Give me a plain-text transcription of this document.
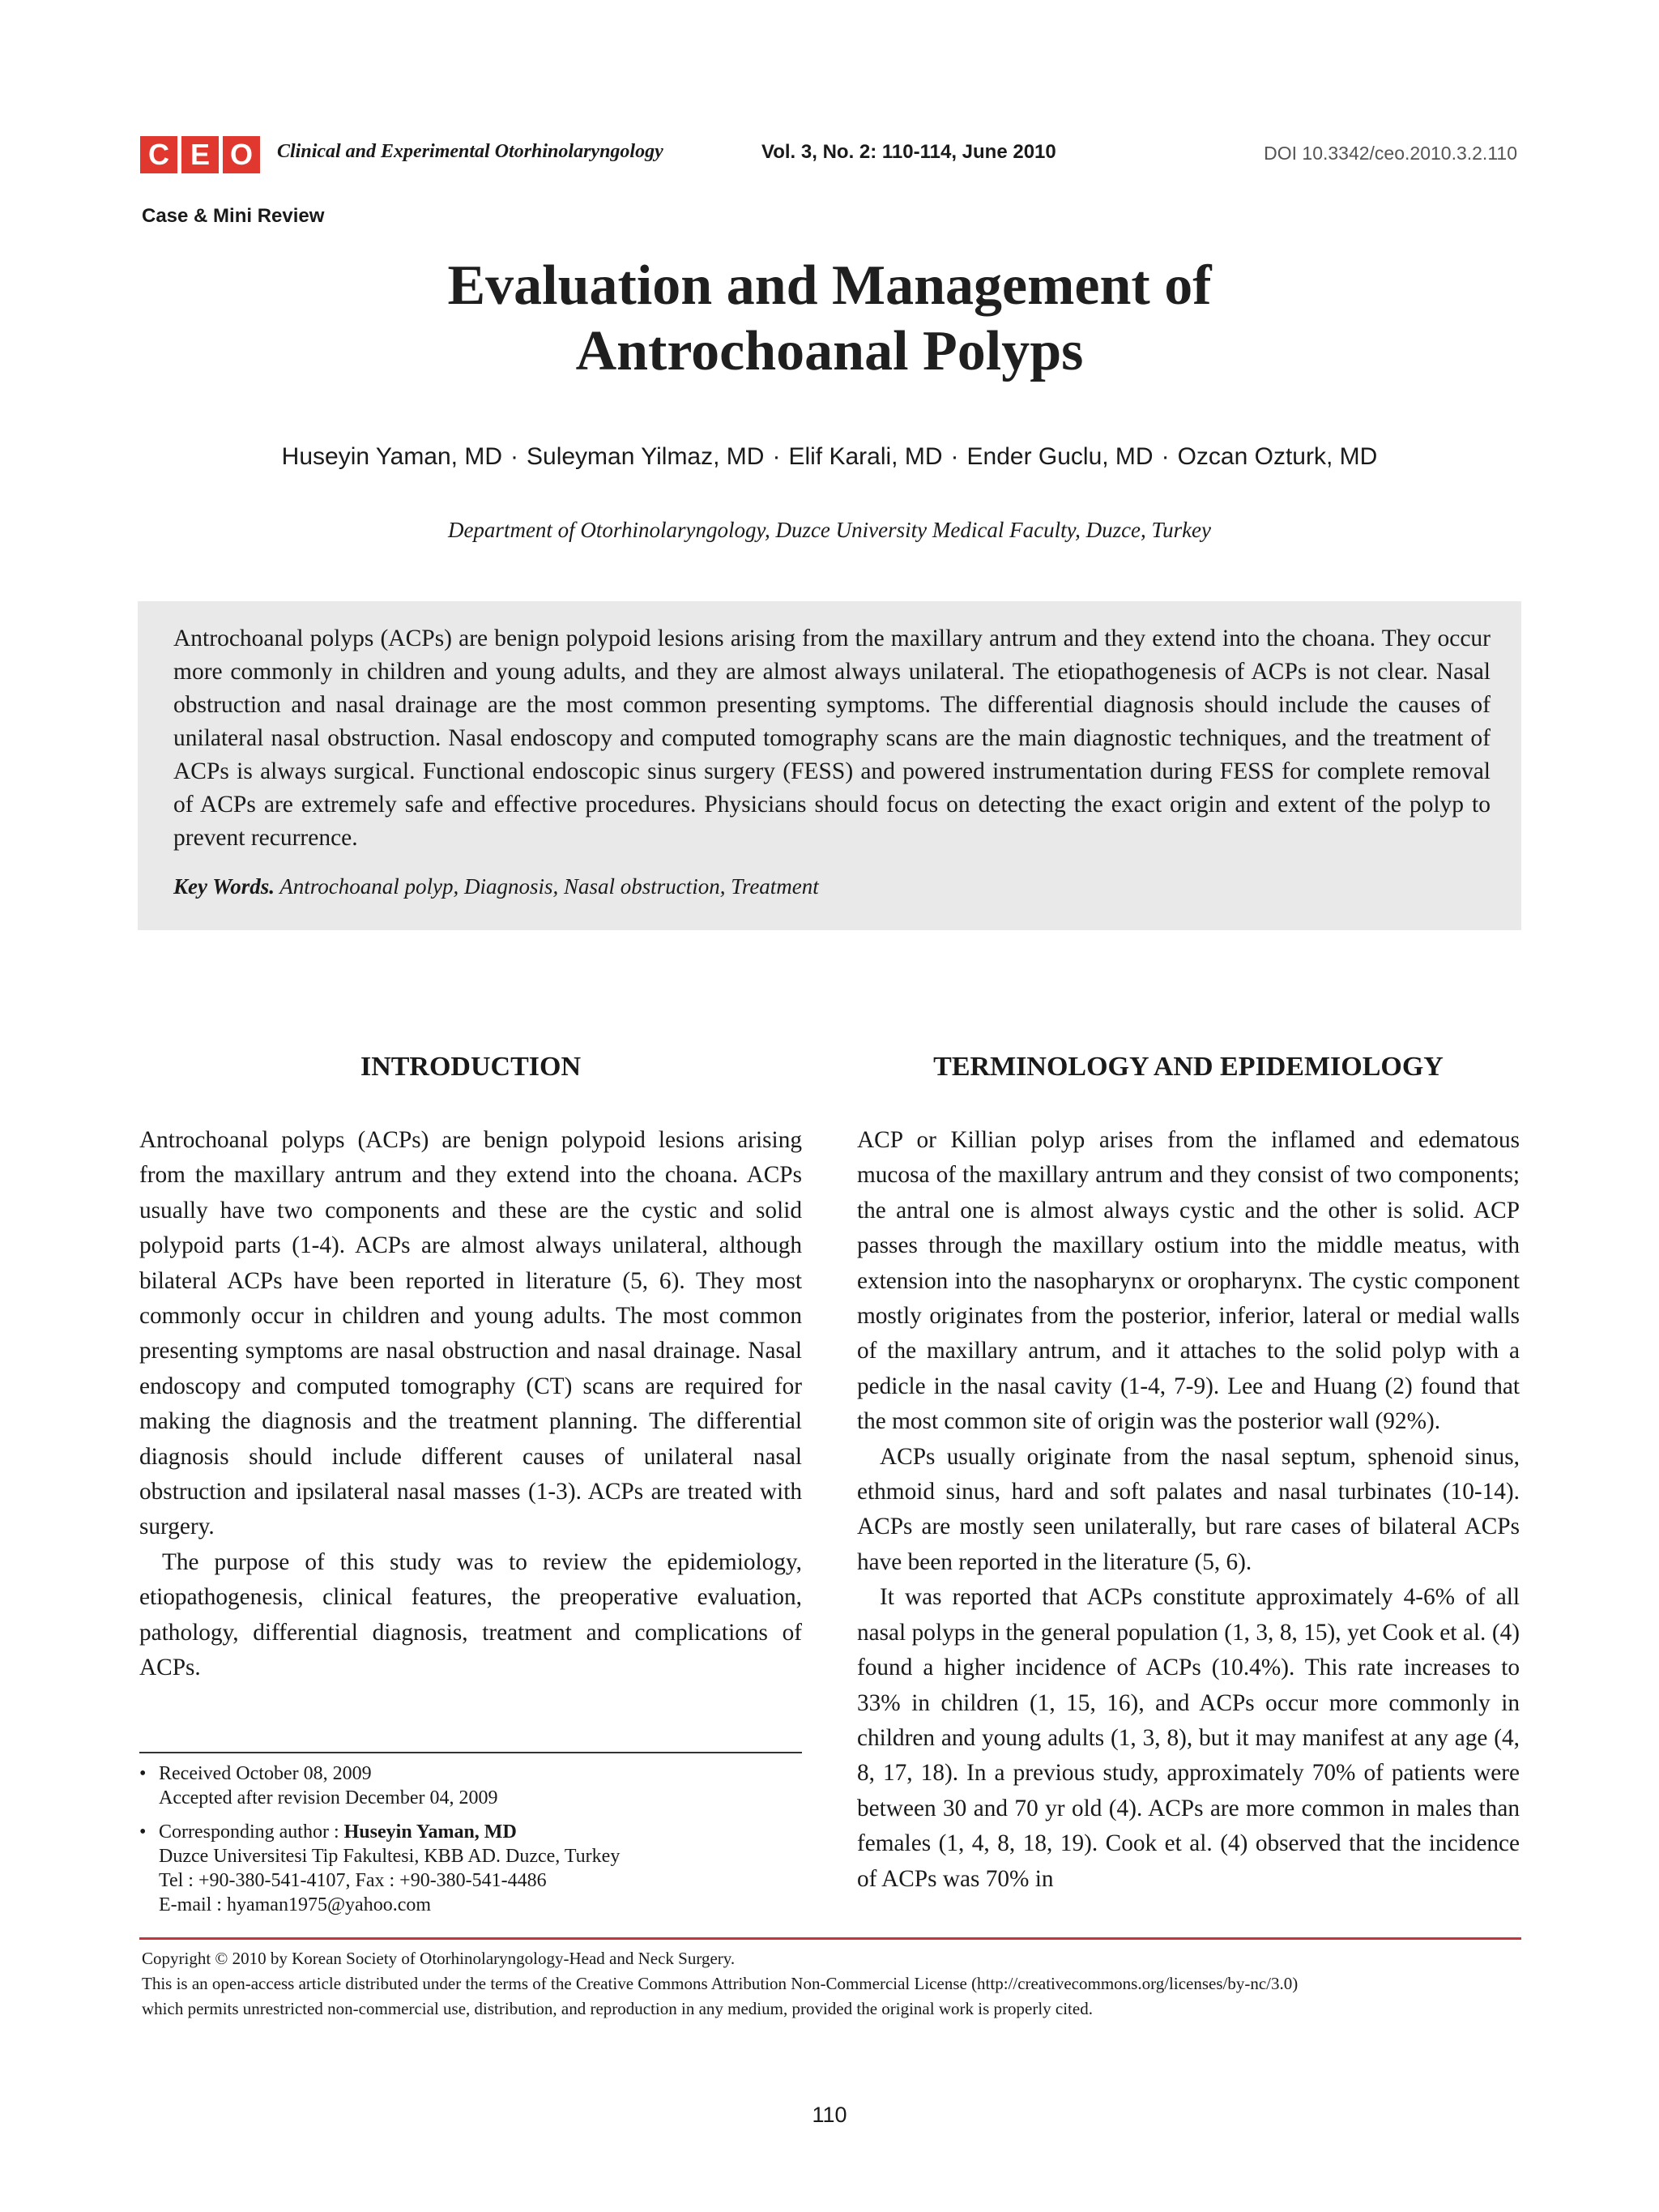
C E O	Clinical and Experimental Otorhinolaryngology	Vol. 3, No. 2: 110-114, June 2010	DOI 10.3342/ceo.2010.3.2.110
Case & Mini Review
Evaluation and Management of
Antrochoanal Polyps
Huseyin Yaman, MD · Suleyman Yilmaz, MD · Elif Karali, MD · Ender Guclu, MD · Ozcan Ozturk, MD
Department of Otorhinolaryngology, Duzce University Medical Faculty, Duzce, Turkey

Antrochoanal polyps (ACPs) are benign polypoid lesions arising from the maxillary antrum and they extend into the choana. They occur more commonly in children and young adults, and they are almost always unilateral. The etiopathogenesis of ACPs is not clear. Nasal obstruction and nasal drainage are the most common presenting symptoms. The differential diagnosis should include the causes of unilateral nasal obstruction. Nasal endoscopy and computed tomography scans are the main diagnostic techniques, and the treatment of ACPs is always surgical. Functional endoscopic sinus surgery (FESS) and powered instrumentation during FESS for complete removal of ACPs are extremely safe and effective procedures. Physicians should focus on detecting the exact origin and extent of the polyp to prevent recurrence.

Key Words. Antrochoanal polyp, Diagnosis, Nasal obstruction, Treatment
INTRODUCTION	TERMINOLOGY AND EPIDEMIOLOGY

Antrochoanal polyps (ACPs) are benign polypoid lesions arising from the maxillary antrum and they extend into the choana. ACPs usually have two components and these are the cystic and solid polypoid parts (1-4). ACPs are almost always unilateral, although bilateral ACPs have been reported in literature (5, 6). They most commonly occur in children and young adults. The most common presenting symptoms are nasal obstruction and nasal drainage. Nasal endoscopy and computed tomography (CT) scans are required for making the diagnosis and the treatment planning. The differential diagnosis should include different causes of unilateral nasal obstruction and ipsilateral nasal masses (1-3). ACPs are treated with surgery.

The purpose of this study was to review the epidemiology, etiopathogenesis, clinical features, the preoperative evaluation, pathology, differential diagnosis, treatment and complications of ACPs.

ACP or Killian polyp arises from the inflamed and edematous mucosa of the maxillary antrum and they consist of two components; the antral one is almost always cystic and the other is solid. ACP passes through the maxillary ostium into the middle meatus, with extension into the nasopharynx or oropharynx. The cystic component mostly originates from the posterior, inferior, lateral or medial walls of the maxillary antrum, and it attaches to the solid polyp with a pedicle in the nasal cavity (1-4, 7-9). Lee and Huang (2) found that the most common site of origin was the posterior wall (92%).

ACPs usually originate from the nasal septum, sphenoid sinus, ethmoid sinus, hard and soft palates and nasal turbinates (10-14). ACPs are mostly seen unilaterally, but rare cases of bilateral ACPs have been reported in the literature (5, 6).

It was reported that ACPs constitute approximately 4-6% of all nasal polyps in the general population (1, 3, 8, 15), yet Cook et al. (4) found a higher incidence of ACPs (10.4%). This rate increases to 33% in children (1, 15, 16), and ACPs occur more commonly in children and young adults (1, 3, 8), but it may manifest at any age (4, 8, 17, 18). In a previous study, approximately 70% of patients were between 30 and 70 yr old (4). ACPs are more common in males than females (1, 4, 8, 18, 19). Cook et al. (4) observed that the incidence of ACPs was 70% in

• Received October 08, 2009
Accepted after revision December 04, 2009
• Corresponding author : Huseyin Yaman, MD
Duzce Universitesi Tip Fakultesi, KBB AD. Duzce, Turkey
Tel : +90-380-541-4107, Fax : +90-380-541-4486
E-mail : hyaman1975@yahoo.com
Copyright © 2010 by Korean Society of Otorhinolaryngology-Head and Neck Surgery.
This is an open-access article distributed under the terms of the Creative Commons Attribution Non-Commercial License (http://creativecommons.org/licenses/by-nc/3.0)
which permits unrestricted non-commercial use, distribution, and reproduction in any medium, provided the original work is properly cited.
110
